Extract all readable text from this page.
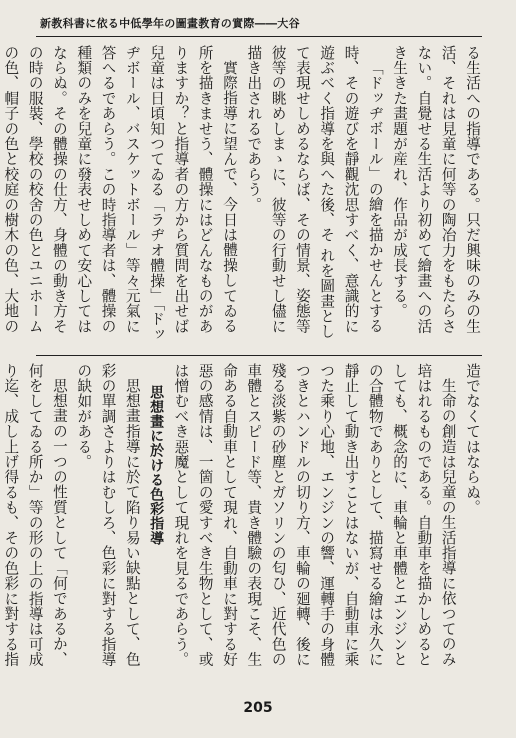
新教科書に依る中低學年の圖畫教育の實際――大谷

る生活への指導である。只だ興味のみの生活、それは見童に何等の陶冶力をもたらさない。自覺せる生活より初めて繪畫への活き生きた畫題が産れ、作品が成長する。

「ドッヂボール」の繪を描かせんとする時、その遊びを靜觀沈思すべく、意識的に遊ぶべく指導を與へた後、そ れを圖畫として表現せしめるならば、その情景、姿態等彼等の眺めしまゝに、彼等の行動せし儘に描き出されるであらう。

實際指導に望んで、今日は體操してゐる所を描きませう、體操にはどんなものがありますか？と指導者の方から質問を出せば兒童は日頃知つてゐる「ラヂオ體操」「ドッヂボール、バスケットボール」等々元氣に答へるであらう。この時指導者は、體操の種類のみを兒童に發表せしめて安心してはならぬ。その體操の仕方、身體の動き方その時の服裝、學校の校舍の色とユニホームの色、帽子の色と校庭の樹木の色、大地の

造でなくてはならぬ。

生命の創造は兒童の生活指導に依つてのみ培はれるものである。自動車を描かしめるとしても、概念的に、車輪と車體とエンジンとの合體物でありとして、描寫せる繪は永久に靜止して動き出すことはないが、自動車に乘つた乘り心地、エンジンの響、運轉手の身體つきとハンドルの切り方、車輪の廻轉、後に殘る淡紫の砂塵とガソリンの匂ひ、近代色の車體とスピード等、貴き體驗の表現こそ、生命ある自動車として現れ、自動車に對する好惡の感情は、一箇の愛すべき生物として、或は憎むべき惡魔として現れを見るであらう。

思想畫に於ける色彩指導

思想畫指導に於て陷り易い缺點として、色彩の單調さよりはむしろ、色彩に對する指導の缺如がある。

思想畫の一つの性質として「何であるか、何をしてゐる所か」等の形の上の指導は可成り迄、成し上げ得るも、その色彩に對する指

205
